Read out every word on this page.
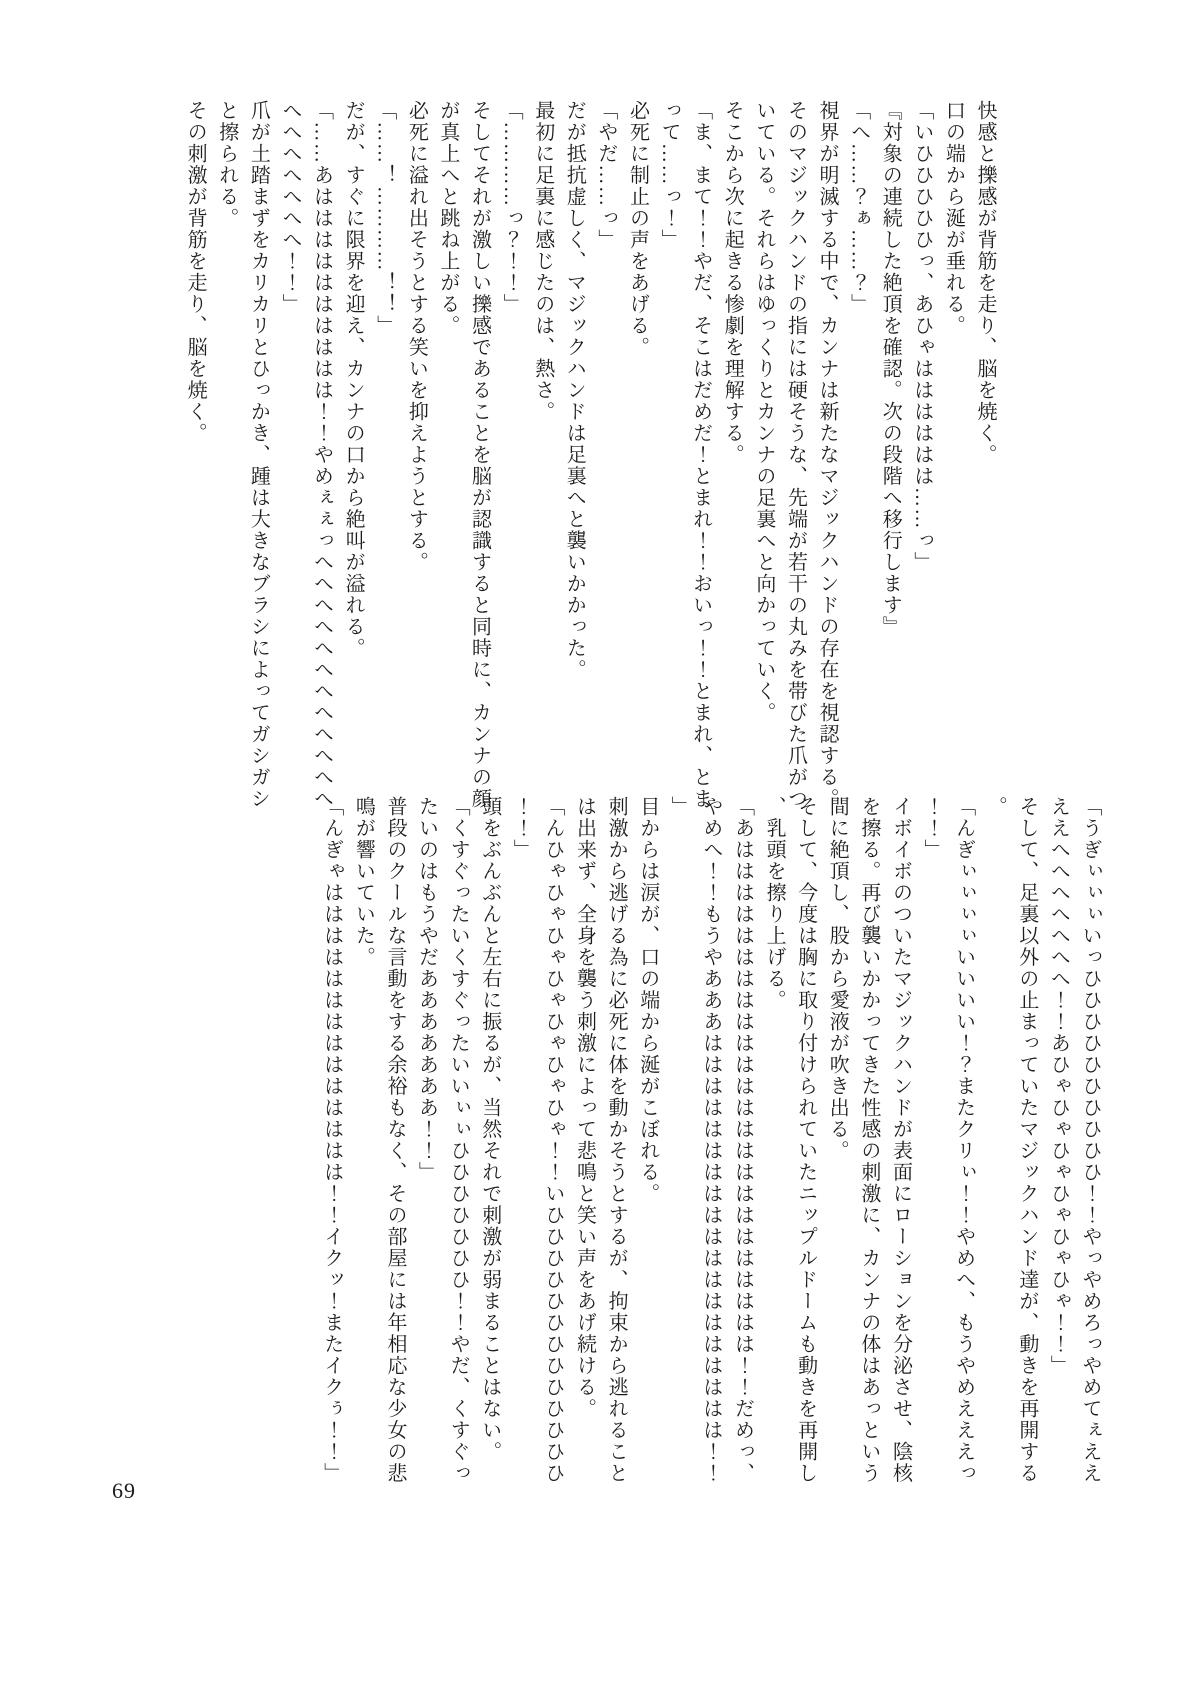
快感と擽感が背筋を走り、脳を焼く。

口の端から涎が垂れる。

「いひひひひひっ、あひゃはははははは……っ」

『対象の連続した絶頂を確認。次の段階へ移行します』

「へ……？ぁ……？」

視界が明滅する中で、カンナは新たなマジックハンドの存在を視認する。

そのマジックハンドの指には硬そうな、先端が若干の丸みを帯びた爪がついている。それらはゆっくりとカンナの足裏へと向かっていく。

そこから次に起きる惨劇を理解する。

「ま、まて！！やだ、そこはだめだ！とまれ！！おいっ！！とまれ、とまって……っ！」

必死に制止の声をあげる。

「やだ……っ」

だが抵抗虚しく、マジックハンドは足裏へと襲いかかった。

最初に足裏に感じたのは、熱さ。

「…………っ？！！」

そしてそれが激しい擽感であることを脳が認識すると同時に、カンナの顔が真上へと跳ね上がる。

必死に溢れ出そうとする笑いを抑えようとする。

「……！…………！！」

だが、すぐに限界を迎え、カンナの口から絶叫が溢れる。

「……あはははははははははは！！やめぇぇっへへへへへへへへへへへへへへへへへへへ！！」

爪が土踏まずをカリカリとひっかき、踵は大きなブラシによってガシガシと擦られる。

その刺激が背筋を走り、脳を焼く。

「うぎぃぃぃいっひひひひひひひひひひ！！やっやめろっやめてぇええええへへへへへへへ！！あひゃひゃひゃひゃひゃひゃ！！」

そして、足裏以外の止まっていたマジックハンド達が、動きを再開する。

「んぎぃぃぃぃいいいい！？またクリぃ！！やめへ、もうやめえええっ！！」

イボイボのついたマジックハンドが表面にローションを分泌させ、陰核を擦る。再び襲いかかってきた性感の刺激に、カンナの体はあっという間に絶頂し、股から愛液が吹き出る。

そして、今度は胸に取り付けられていたニップルドームも動きを再開し、乳頭を擦り上げる。

「あはははははははははははははははははははははははは！！だめっ、やめへ！！もうやあああははははははははははははははははははは！！」

目からは涙が、口の端から涎がこぼれる。

刺激から逃げる為に必死に体を動かそうとするが、拘束から逃れることは出来ず、全身を襲う刺激によって悲鳴と笑い声をあげ続ける。

「んひゃひゃひゃひゃひゃひゃひゃ！！いひひひひひひひひひひひひひ！！」

頭をぶんぶんと左右に振るが、当然それで刺激が弱まることはない。

「くすぐったいくすぐったいいぃぃひひひひひひひ！！やだ、くすぐったいのはもうやだあああああああ！！」

普段のクールな言動をする余裕もなく、その部屋には年相応な少女の悲鳴が響いていた。

「んぎゃはははははははははははははは！！イクッ！またイクぅ！！」

69
